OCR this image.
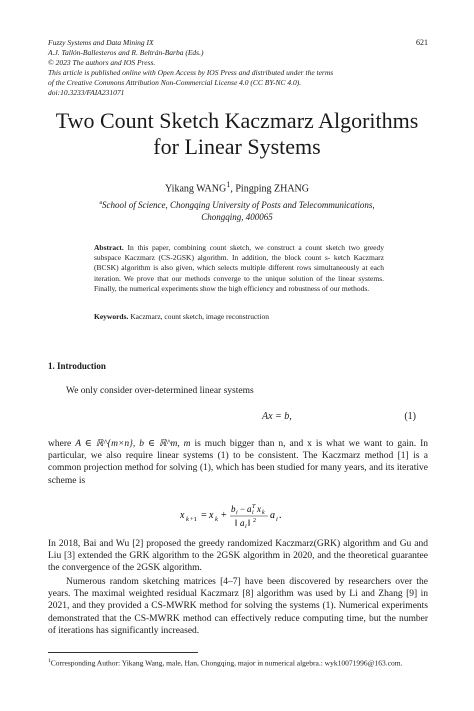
Fuzzy Systems and Data Mining IX
A.J. Tallón-Ballesteros and R. Beltrán-Barba (Eds.)
© 2023 The authors and IOS Press.
This article is published online with Open Access by IOS Press and distributed under the terms
of the Creative Commons Attribution Non-Commercial License 4.0 (CC BY-NC 4.0).
doi:10.3233/FAIA231071
621
Two Count Sketch Kaczmarz Algorithms
for Linear Systems
Yikang WANG$^1$, Pingping ZHANG
$^a$School of Science, Chongqing University of Posts and Telecommunications,
Chongqing, 400065
Abstract. In this paper, combining count sketch, we construct a count sketch two greedy subspace Kaczmarz (CS-2GSK) algorithm. In addition, the block count s- ketch Kaczmarz (BCSK) algorithm is also given, which selects multiple different rows simultaneously at each iteration. We prove that our methods converge to the unique solution of the linear systems. Finally, the numerical experiments show the high efficiency and robustness of our methods.
Keywords. Kaczmarz, count sketch, image reconstruction
1. Introduction
We only consider over-determined linear systems
Ax = b,	(1)
where A ∈ ℝ^{m×n}, b ∈ ℝ^m, m is much bigger than n, and x is what we want to gain. In particular, we also require linear systems (1) to be consistent. The Kaczmarz method [1] is a common projection method for solving (1), which has been studied for many years, and its iterative scheme is
x k +1 = x k +
b i − a T
i x k
‖ a i ‖ 2 a i .
In 2018, Bai and Wu [2] proposed the greedy randomized Kaczmarz(GRK) algorithm and Gu and Liu [3] extended the GRK algorithm to the 2GSK algorithm in 2020, and the theoretical guarantee the convergence of the 2GSK algorithm.
Numerous random sketching matrices [4–7] have been discovered by researchers over the years. The maximal weighted residual Kaczmarz [8] algorithm was used by Li and Zhang [9] in 2021, and they provided a CS-MWRK method for solving the systems (1). Numerical experiments demonstrated that the CS-MWRK method can effectively reduce computing time, but the number of iterations has significantly increased.
$^1$Corresponding Author: Yikang Wang, male, Han, Chongqing, major in numerical algebra.: wyk10071996@163.com.
